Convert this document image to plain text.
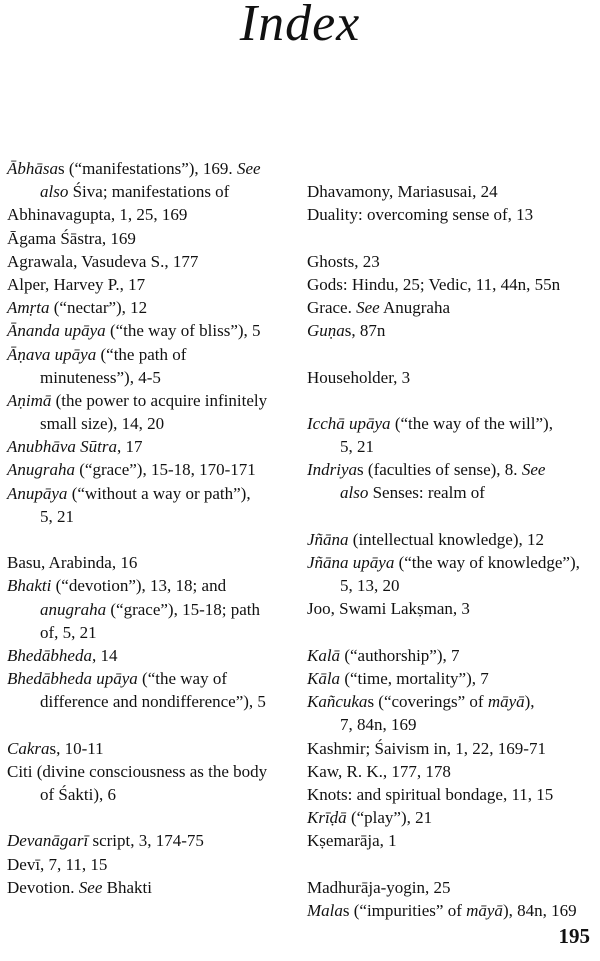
Index
Ābhāsas (“manifestations”), 169. See
also Śiva; manifestations of
Abhinavagupta, 1, 25, 169
Āgama Śāstra, 169
Agrawala, Vasudeva S., 177
Alper, Harvey P., 17
Amṛta (“nectar”), 12
Ānanda upāya (“the way of bliss”), 5
Āṇava upāya (“the path of
minuteness”), 4-5
Aṇimā (the power to acquire infinitely
small size), 14, 20
Anubhāva Sūtra, 17
Anugraha (“grace”), 15-18, 170-171
Anupāya (“without a way or path”),
5, 21
Basu, Arabinda, 16
Bhakti (“devotion”), 13, 18; and
anugraha (“grace”), 15-18; path
of, 5, 21
Bhedābheda, 14
Bhedābheda upāya (“the way of
difference and nondifference”), 5
Cakras, 10-11
Citi (divine consciousness as the body
of Śakti), 6
Devanāgarī script, 3, 174-75
Devī, 7, 11, 15
Devotion. See Bhakti
Dhavamony, Mariasusai, 24
Duality: overcoming sense of, 13
Ghosts, 23
Gods: Hindu, 25; Vedic, 11, 44n, 55n
Grace. See Anugraha
Guṇas, 87n
Householder, 3
Icchā upāya (“the way of the will”),
5, 21
Indriyas (faculties of sense), 8. See
also Senses: realm of
Jñāna (intellectual knowledge), 12
Jñāna upāya (“the way of knowledge”),
5, 13, 20
Joo, Swami Lakṣman, 3
Kalā (“authorship”), 7
Kāla (“time, mortality”), 7
Kañcukas (“coverings” of māyā),
7, 84n, 169
Kashmir; Śaivism in, 1, 22, 169-71
Kaw, R. K., 177, 178
Knots: and spiritual bondage, 11, 15
Krīḍā (“play”), 21
Kṣemarāja, 1
Madhurāja-yogin, 25
Malas (“impurities” of māyā), 84n, 169
195
